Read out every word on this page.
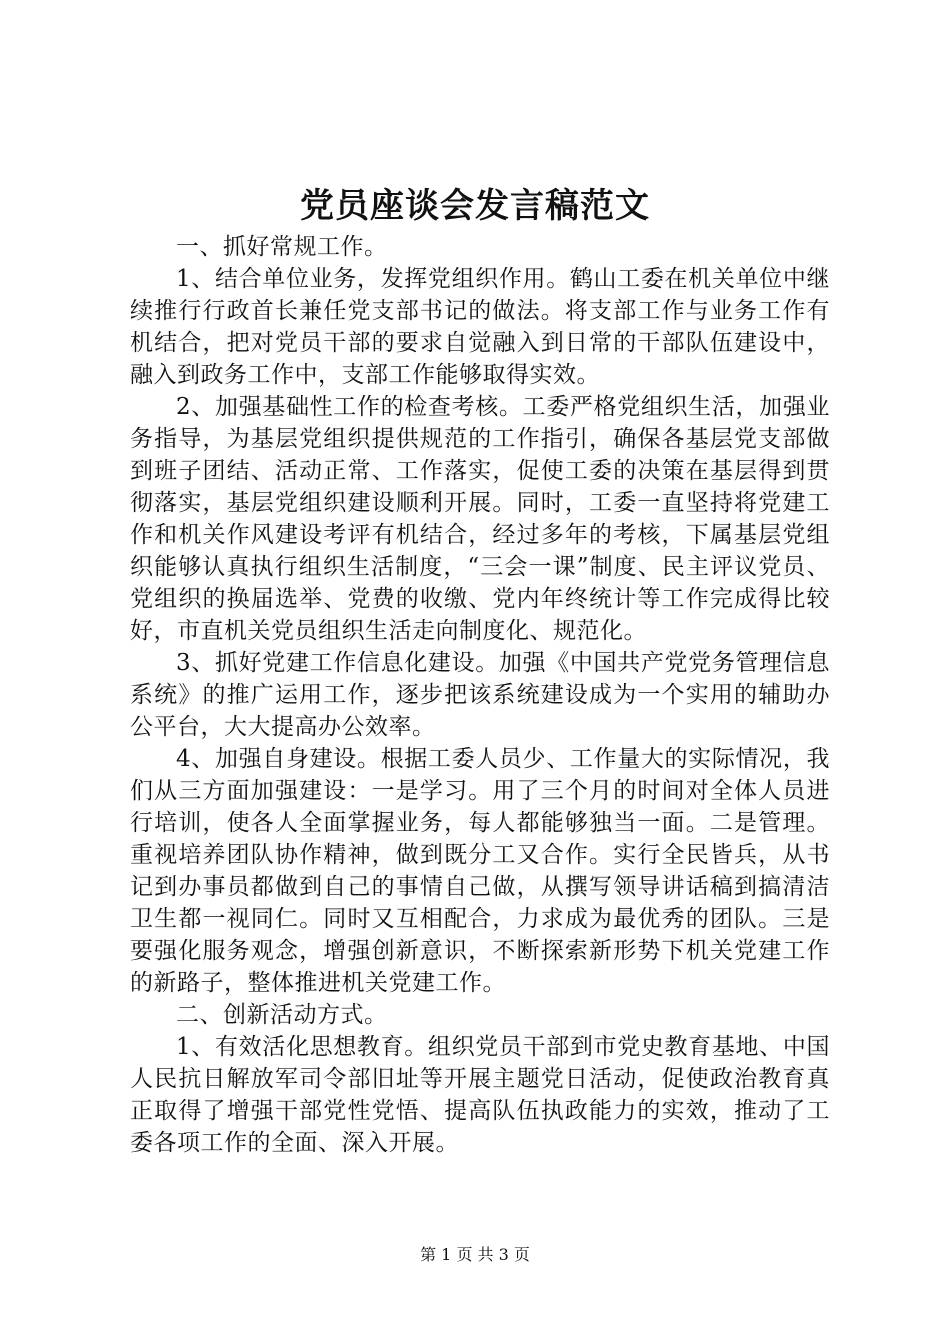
党员座谈会发言稿范文

一、抓好常规工作。

1、结合单位业务，发挥党组织作用。鹤山工委在机关单位中继续推行行政首长兼任党支部书记的做法。将支部工作与业务工作有机结合，把对党员干部的要求自觉融入到日常的干部队伍建设中，融入到政务工作中，支部工作能够取得实效。

2、加强基础性工作的检查考核。工委严格党组织生活，加强业务指导，为基层党组织提供规范的工作指引，确保各基层党支部做到班子团结、活动正常、工作落实，促使工委的决策在基层得到贯彻落实，基层党组织建设顺利开展。同时，工委一直坚持将党建工作和机关作风建设考评有机结合，经过多年的考核，下属基层党组织能够认真执行组织生活制度，“三会一课”制度、民主评议党员、党组织的换届选举、党费的收缴、党内年终统计等工作完成得比较好，市直机关党员组织生活走向制度化、规范化。

3、抓好党建工作信息化建设。加强《中国共产党党务管理信息系统》的推广运用工作，逐步把该系统建设成为一个实用的辅助办公平台，大大提高办公效率。

4、加强自身建设。根据工委人员少、工作量大的实际情况，我们从三方面加强建设：一是学习。用了三个月的时间对全体人员进行培训，使各人全面掌握业务，每人都能够独当一面。二是管理。重视培养团队协作精神，做到既分工又合作。实行全民皆兵，从书记到办事员都做到自己的事情自己做，从撰写领导讲话稿到搞清洁卫生都一视同仁。同时又互相配合，力求成为最优秀的团队。三是要强化服务观念，增强创新意识，不断探索新形势下机关党建工作的新路子，整体推进机关党建工作。

二、创新活动方式。

1、有效活化思想教育。组织党员干部到市党史教育基地、中国人民抗日解放军司令部旧址等开展主题党日活动，促使政治教育真正取得了增强干部党性党悟、提高队伍执政能力的实效，推动了工委各项工作的全面、深入开展。

第 1 页 共 3 页
